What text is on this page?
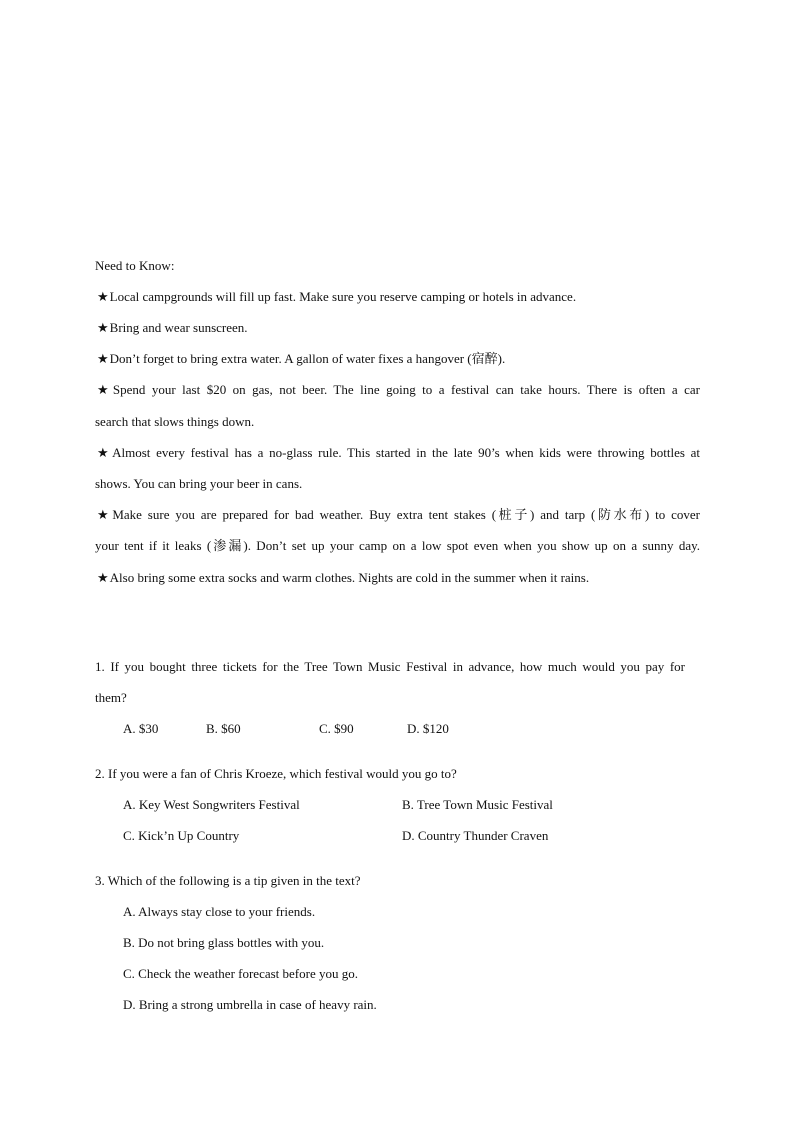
Need to Know:
★Local campgrounds will fill up fast. Make sure you reserve camping or hotels in advance.
★Bring and wear sunscreen.
★Don’t forget to bring extra water. A gallon of water fixes a hangover (宿醉).
★Spend your last $20 on gas, not beer. The line going to a festival can take hours. There is often a car
search that slows things down.
★Almost every festival has a no-glass rule. This started in the late 90’s when kids were throwing bottles at
shows. You can bring your beer in cans.
★Make sure you are prepared for bad weather. Buy extra tent stakes (桩子) and tarp (防水布) to cover
your tent if it leaks (渗漏). Don’t set up your camp on a low spot even when you show up on a sunny day.
★Also bring some extra socks and warm clothes. Nights are cold in the summer when it rains.
1. If you bought three tickets for the Tree Town Music Festival in advance, how much would you pay for
them?
A. $30	B. $60	C. $90	D. $120
2. If you were a fan of Chris Kroeze, which festival would you go to?
A. Key West Songwriters Festival	B. Tree Town Music Festival
C. Kick’n Up Country	D. Country Thunder Craven
3. Which of the following is a tip given in the text?
A. Always stay close to your friends.
B. Do not bring glass bottles with you.
C. Check the weather forecast before you go.
D. Bring a strong umbrella in case of heavy rain.
